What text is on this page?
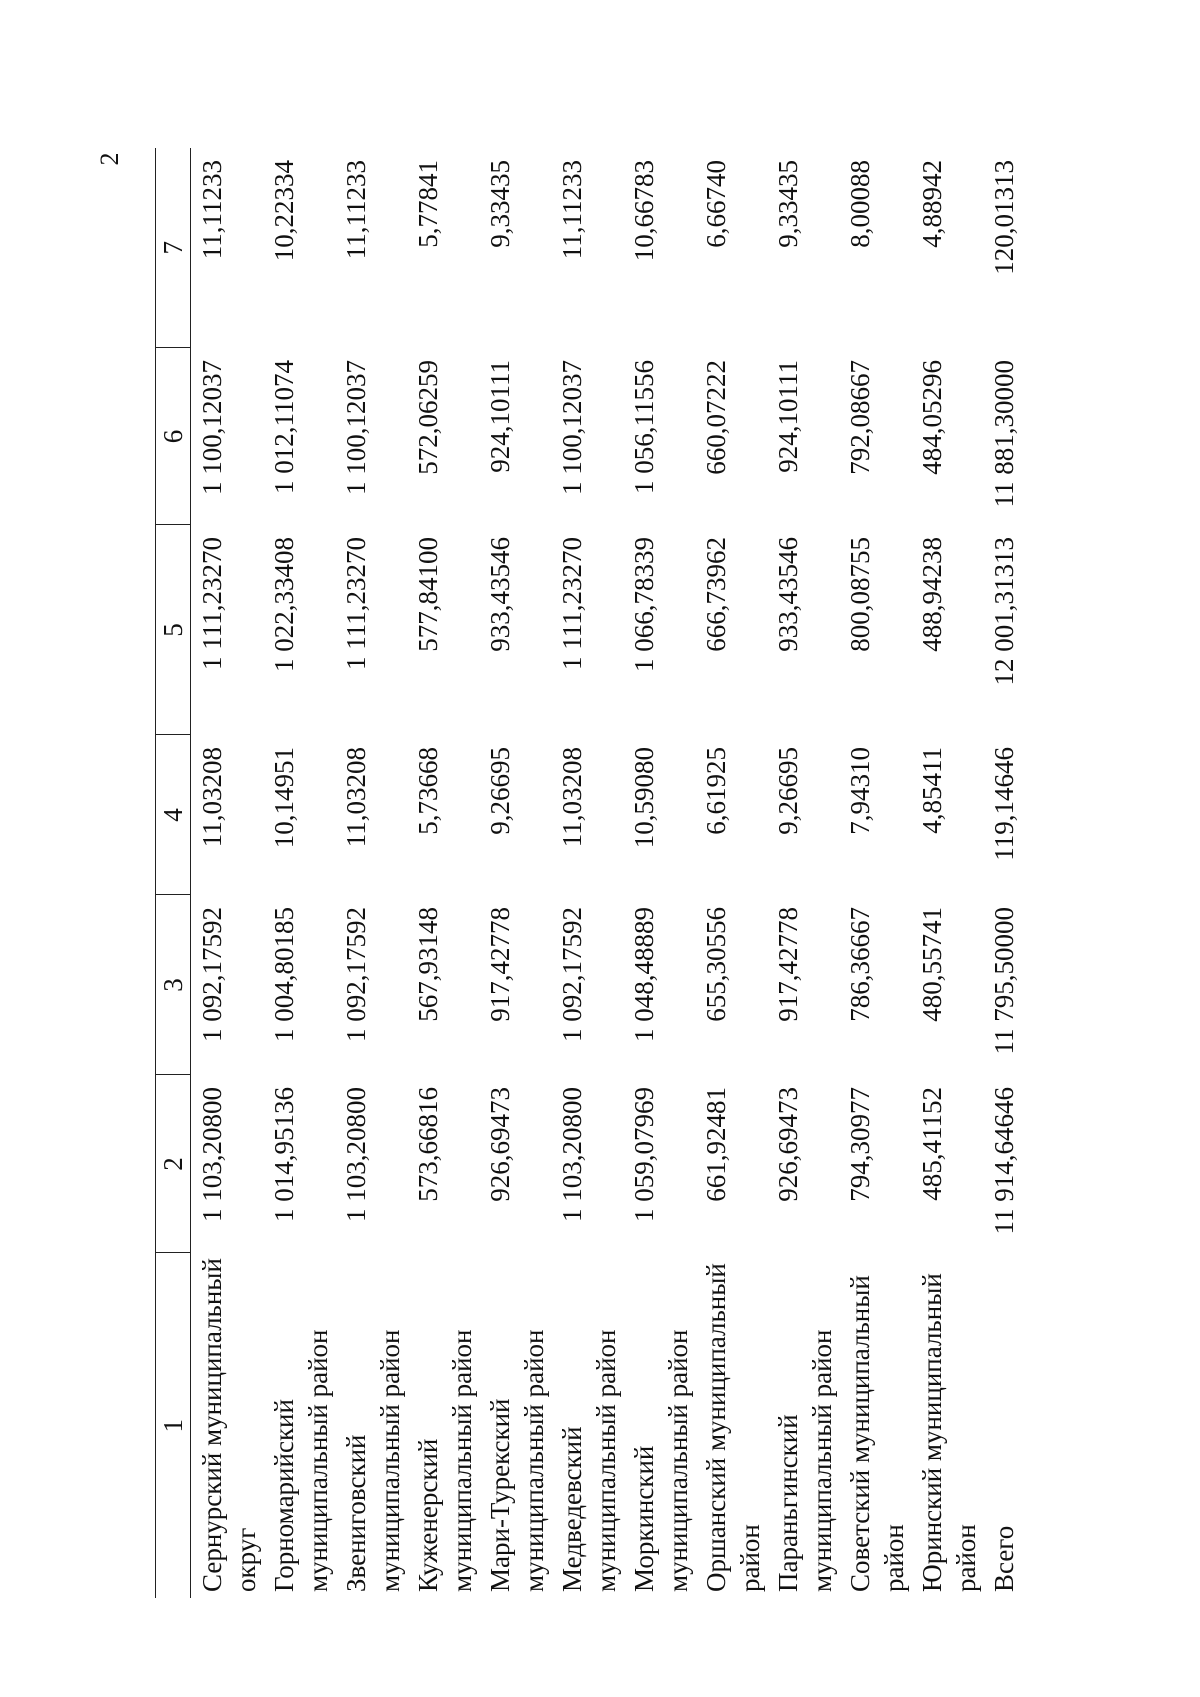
2
1	2	3	4	5	6	7
Сернурский муниципальный округ	1 103,20800	1 092,17592	11,03208	1 111,23270	1 100,12037	11,11233
Горномарийский муниципальный район	1 014,95136	1 004,80185	10,14951	1 022,33408	1 012,11074	10,22334
Звениговский муниципальный район	1 103,20800	1 092,17592	11,03208	1 111,23270	1 100,12037	11,11233
Куженерский муниципальный район	573,66816	567,93148	5,73668	577,84100	572,06259	5,77841
Мари-Турекский муниципальный район	926,69473	917,42778	9,26695	933,43546	924,10111	9,33435
Медведевский муниципальный район	1 103,20800	1 092,17592	11,03208	1 111,23270	1 100,12037	11,11233
Моркинский муниципальный район	1 059,07969	1 048,48889	10,59080	1 066,78339	1 056,11556	10,66783
Оршанский муниципальный район	661,92481	655,30556	6,61925	666,73962	660,07222	6,66740
Параньгинский муниципальный район	926,69473	917,42778	9,26695	933,43546	924,10111	9,33435
Советский муниципальный район	794,30977	786,36667	7,94310	800,08755	792,08667	8,00088
Юринский муниципальный район	485,41152	480,55741	4,85411	488,94238	484,05296	4,88942
Всего	11 914,64646	11 795,50000	119,14646	12 001,31313	11 881,30000	120,01313
